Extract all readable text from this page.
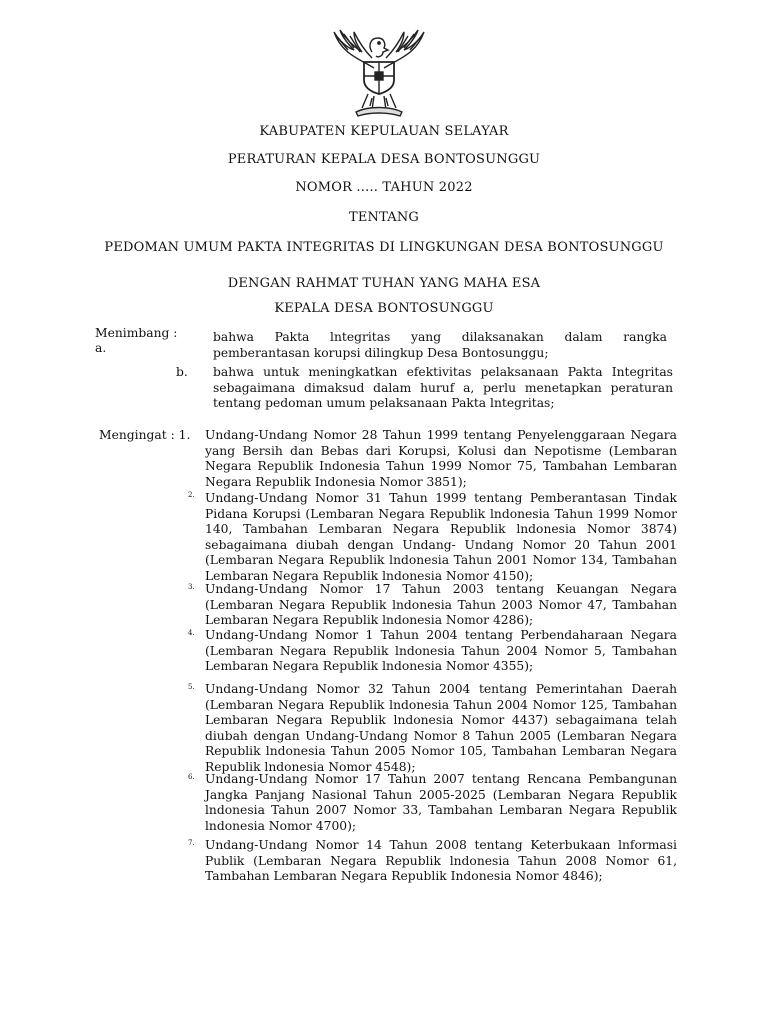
KABUPATEN KEPULAUAN SELAYAR
PERATURAN KEPALA DESA BONTOSUNGGU
NOMOR ..... TAHUN 2022
TENTANG
PEDOMAN UMUM PAKTA INTEGRITAS DI LINGKUNGAN DESA BONTOSUNGGU
DENGAN RAHMAT TUHAN YANG MAHA ESA
KEPALA DESA BONTOSUNGGU
Menimbang :
a.
bahwa Pakta lntegritas yang dilaksanakan dalam rangka pemberantasan korupsi dilingkup Desa Bontosunggu;
b. bahwa untuk meningkatkan efektivitas pelaksanaan Pakta Integritas sebagaimana dimaksud dalam huruf a, perlu menetapkan peraturan tentang pedoman umum pelaksanaan Pakta lntegritas;
Mengingat : 1. Undang-Undang Nomor 28 Tahun 1999 tentang Penyelenggaraan Negara yang Bersih dan Bebas dari Korupsi, Kolusi dan Nepotisme (Lembaran Negara Republik Indonesia Tahun 1999 Nomor 75, Tambahan Lembaran Negara Republik Indonesia Nomor 3851);
2. Undang-Undang Nomor 31 Tahun 1999 tentang Pemberantasan Tindak Pidana Korupsi (Lembaran Negara Republik lndonesia Tahun 1999 Nomor 140, Tambahan Lembaran Negara Republik lndonesia Nomor 3874) sebagaimana diubah dengan Undang- Undang Nomor 20 Tahun 2001 (Lembaran Negara Republik lndonesia Tahun 2001 Nomor 134, Tambahan Lembaran Negara Republik lndonesia Nomor 4150);
3. Undang-Undang Nomor 17 Tahun 2003 tentang Keuangan Negara (Lembaran Negara Republik lndonesia Tahun 2003 Nomor 47, Tambahan Lembaran Negara Republik lndonesia Nomor 4286);
4. Undang-Undang Nomor 1 Tahun 2004 tentang Perbendaharaan Negara (Lembaran Negara Republik lndonesia Tahun 2004 Nomor 5, Tambahan Lembaran Negara Republik lndonesia Nomor 4355);
5. Undang-Undang Nomor 32 Tahun 2004 tentang Pemerintahan Daerah (Lembaran Negara Republik lndonesia Tahun 2004 Nomor 125, Tambahan Lembaran Negara Republik lndonesia Nomor 4437) sebagaimana telah diubah dengan Undang-Undang Nomor 8 Tahun 2005 (Lembaran Negara Republik lndonesia Tahun 2005 Nomor 105, Tambahan Lembaran Negara Republik lndonesia Nomor 4548);
6. Undang-Undang Nomor 17 Tahun 2007 tentang Rencana Pembangunan Jangka Panjang Nasional Tahun 2005-2025 (Lembaran Negara Republik lndonesia Tahun 2007 Nomor 33, Tambahan Lembaran Negara Republik lndonesia Nomor 4700);
7. Undang-Undang Nomor 14 Tahun 2008 tentang Keterbukaan lnformasi Publik (Lembaran Negara Republik lndonesia Tahun 2008 Nomor 61, Tambahan Lembaran Negara Republik Indonesia Nomor 4846);
